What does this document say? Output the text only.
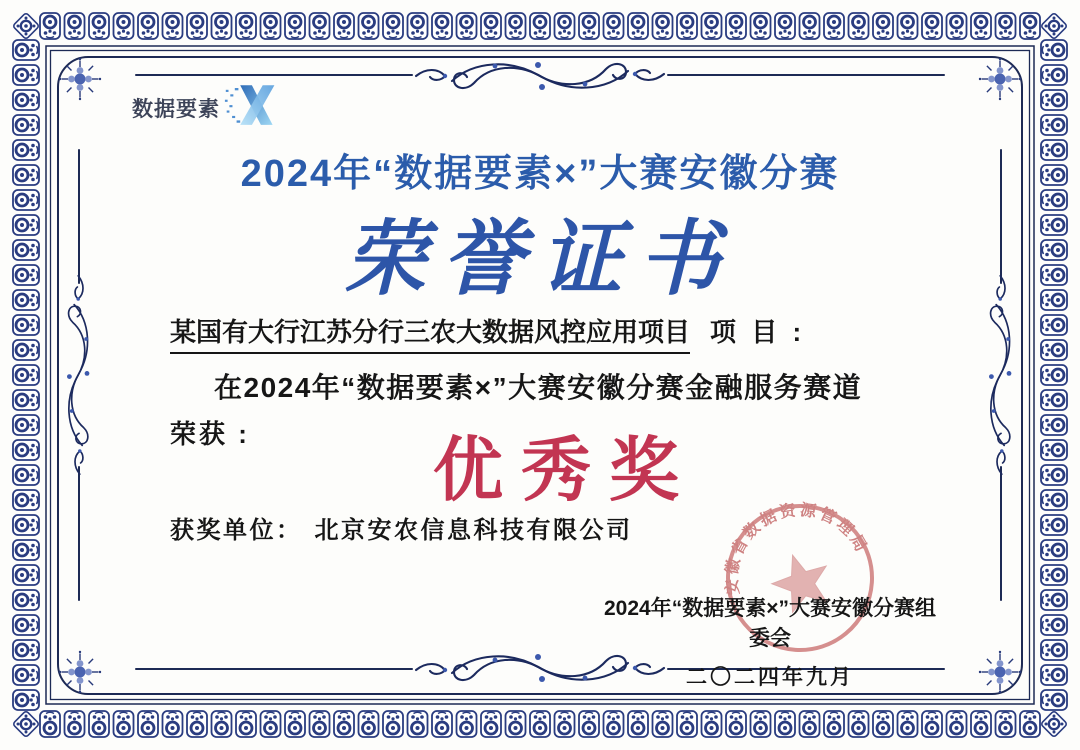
数据要素
2024年“数据要素×”大赛安徽分赛
荣誉证书
某国有大行江苏分行三农大数据风控应用项目 项 目 :
在2024年“数据要素×”大赛安徽分赛金融服务赛道
荣获 :	优秀奖
获奖单位： 北京安农信息科技有限公司
安徽省数据资源管理局
2024年“数据要素×”大赛安徽分赛组委会
二〇二四年九月
